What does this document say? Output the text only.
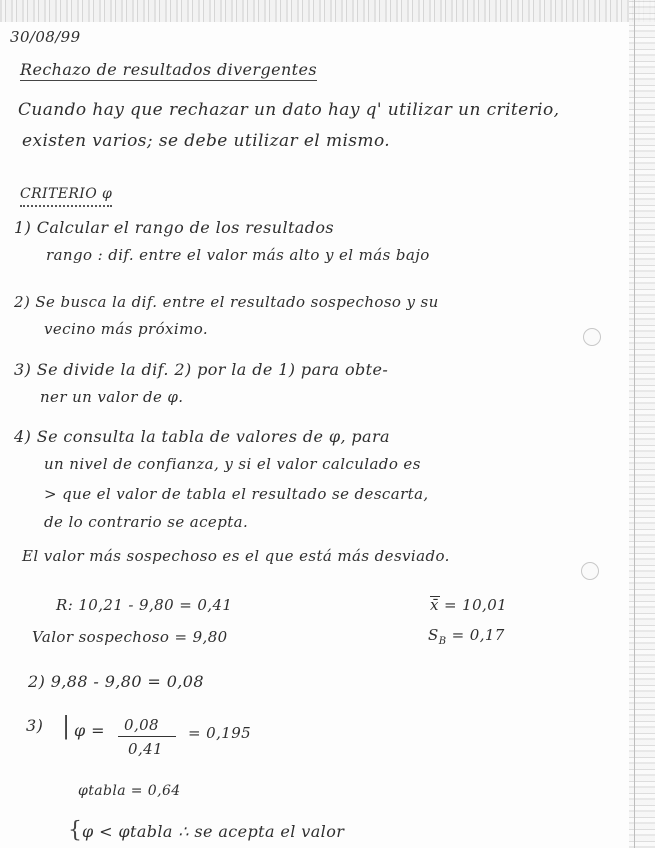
30/08/99
Rechazo de resultados divergentes
Cuando hay que rechazar un dato hay q' utilizar un criterio,
existen varios; se debe utilizar el mismo.
CRITERIO φ
1) Calcular el rango de los resultados
rango : dif. entre el valor más alto y el más bajo
2) Se busca la dif. entre el resultado sospechoso y su
vecino más próximo.
3) Se divide la dif. 2) por la de 1) para obte-
ner un valor de φ.
4) Se consulta la tabla de valores de φ, para
un nivel de confianza, y si el valor calculado es
> que el valor de tabla el resultado se descarta,
de lo contrario se acepta.
El valor más sospechoso es el que está más desviado.
R: 10,21 - 9,80 = 0,41	x̄ = 10,01
Valor sospechoso = 9,80	$S_B = 0,17$
2) 9,88 - 9,80 = 0,08
3) | φ = 0,08
0,41
= 0,195
φtabla = 0,64
{ φ < φtabla ∴ se acepta el valor
